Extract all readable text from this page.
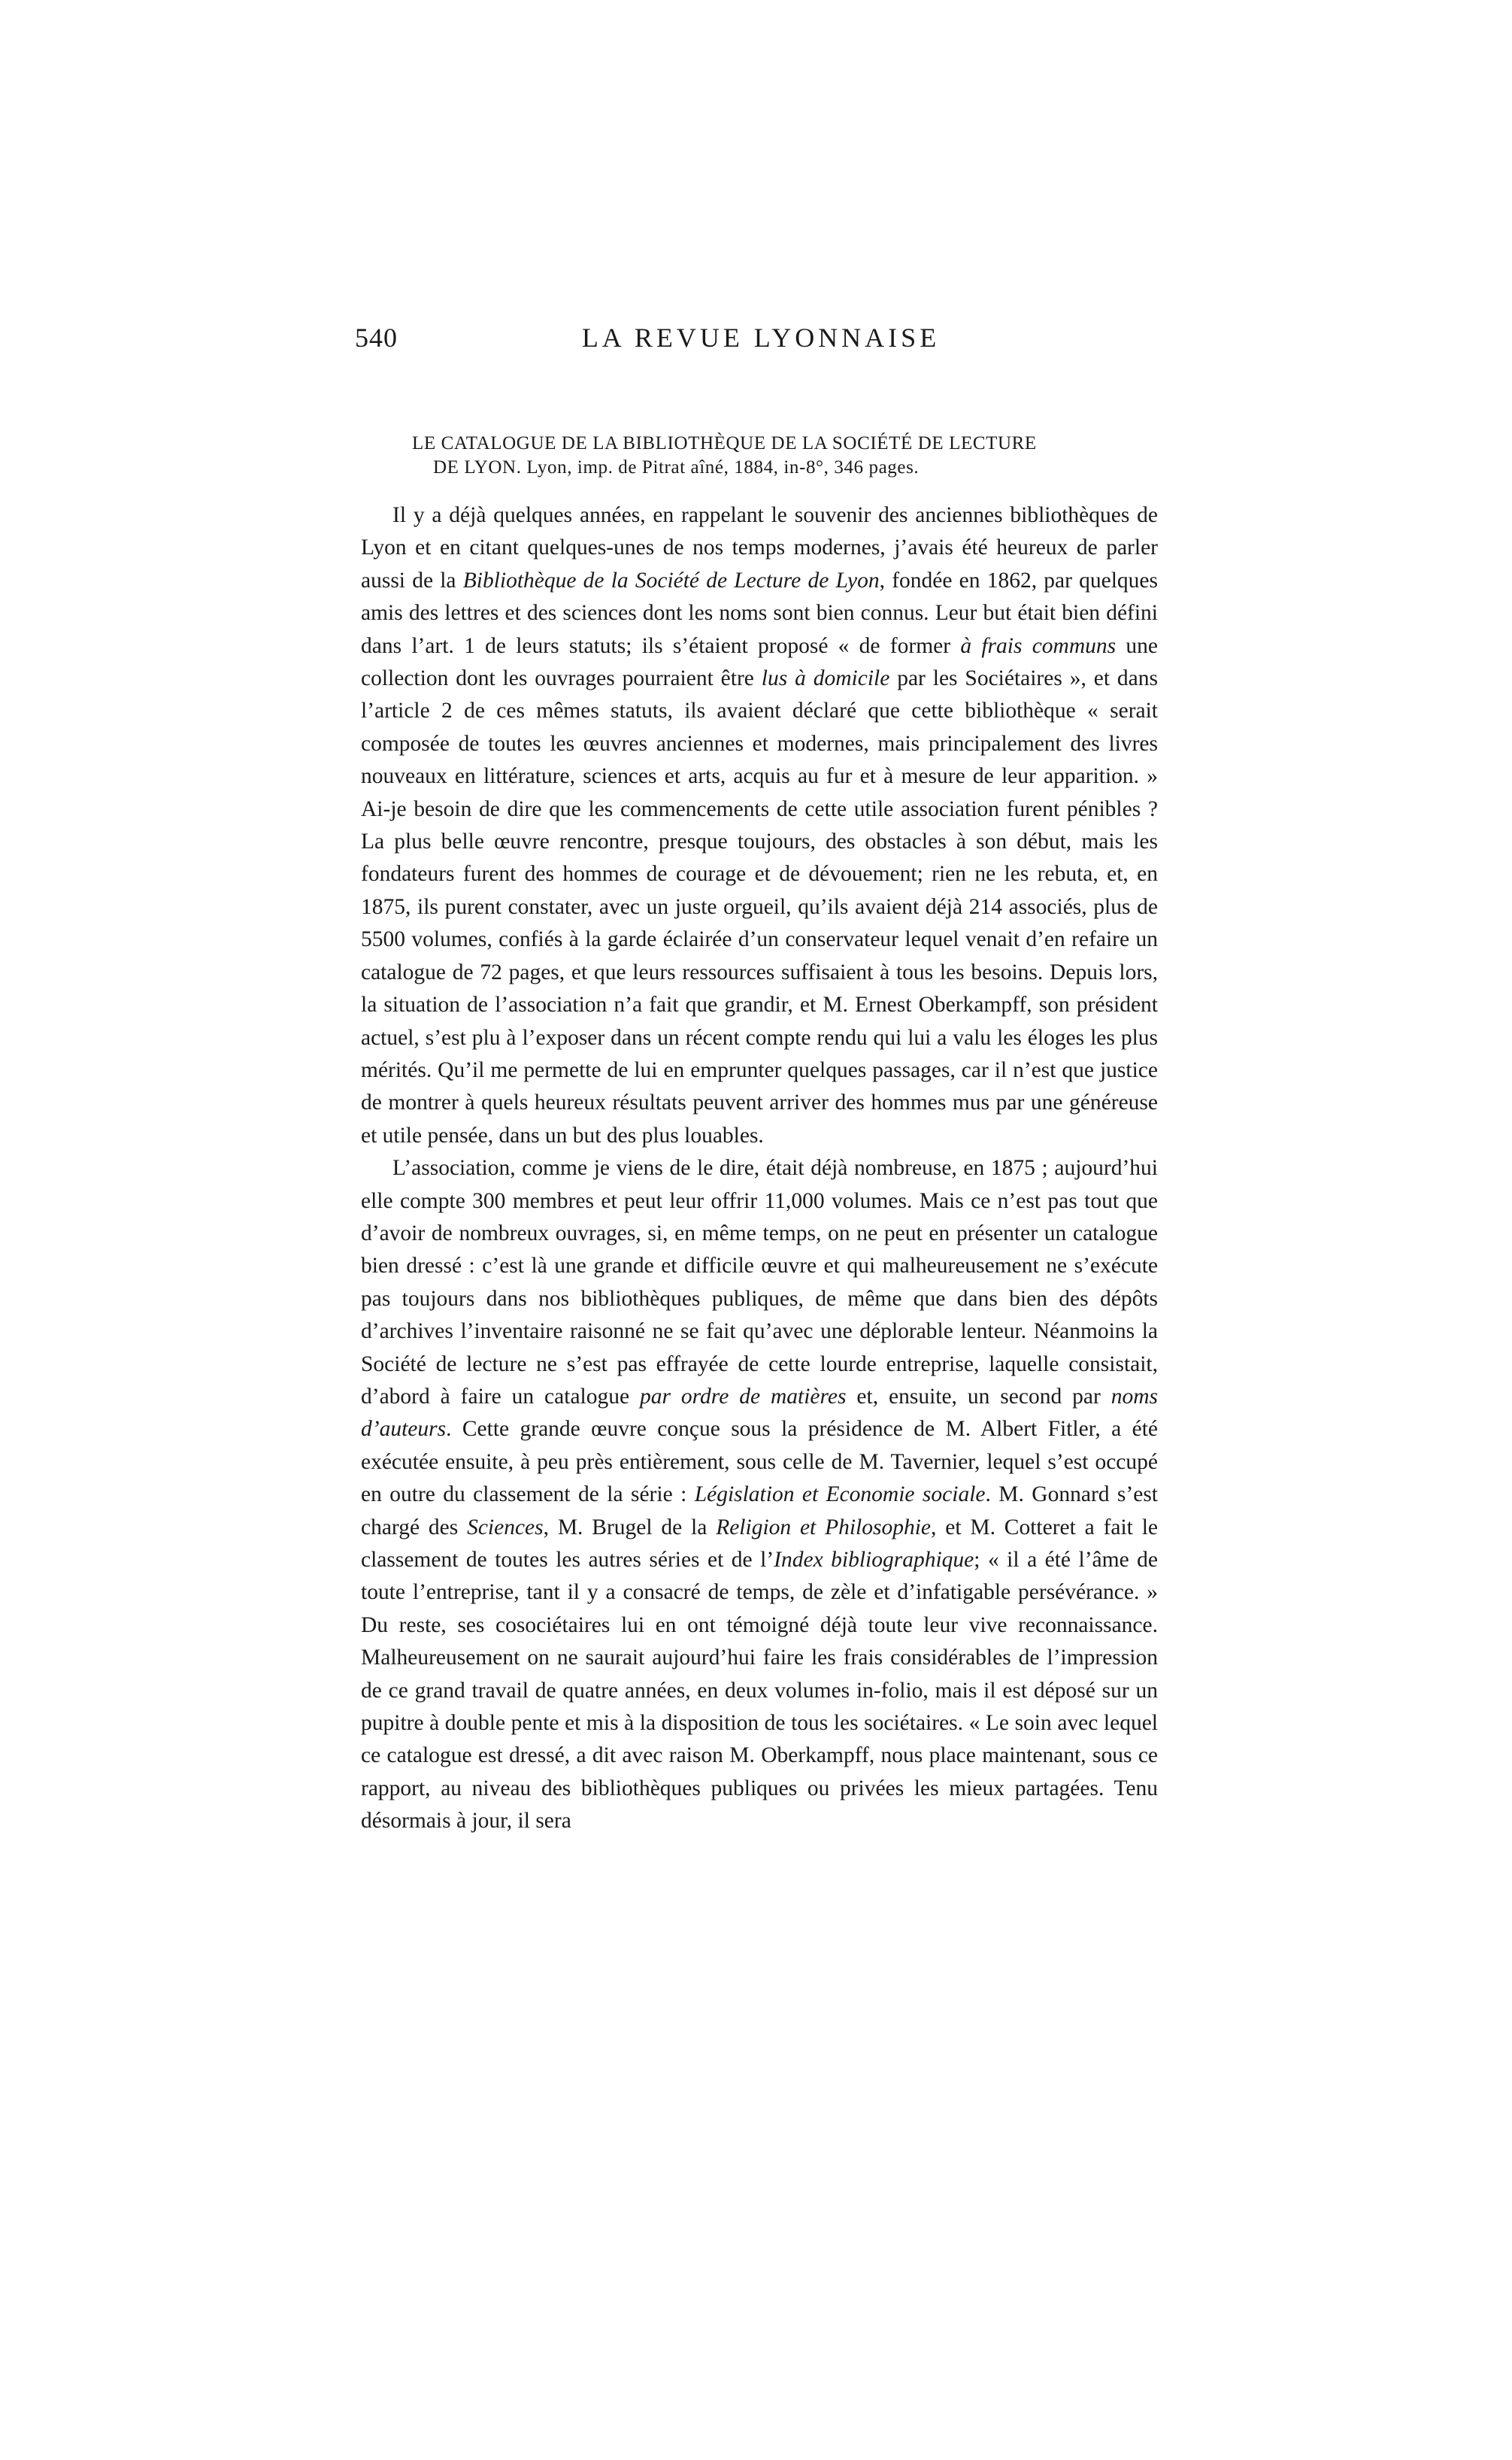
540	LA REVUE LYONNAISE
LE CATALOGUE DE LA BIBLIOTHÈQUE DE LA SOCIÉTÉ DE LECTURE
DE LYON. Lyon, imp. de Pitrat aîné, 1884, in-8°, 346 pages.

Il y a déjà quelques années, en rappelant le souvenir des anciennes bibliothèques de Lyon et en citant quelques-unes de nos temps modernes, j’avais été heureux de parler aussi de la Bibliothèque de la Société de Lecture de Lyon, fondée en 1862, par quelques amis des lettres et des sciences dont les noms sont bien connus. Leur but était bien défini dans l’art. 1 de leurs statuts; ils s’étaient proposé « de former à frais communs une collection dont les ouvrages pourraient être lus à domicile par les Sociétaires », et dans l’article 2 de ces mêmes statuts, ils avaient déclaré que cette bibliothèque « serait composée de toutes les œuvres anciennes et modernes, mais principalement des livres nouveaux en littérature, sciences et arts, acquis au fur et à mesure de leur apparition. » Ai-je besoin de dire que les commencements de cette utile association furent pénibles ? La plus belle œuvre rencontre, presque toujours, des obstacles à son début, mais les fondateurs furent des hommes de courage et de dévouement; rien ne les rebuta, et, en 1875, ils purent constater, avec un juste orgueil, qu’ils avaient déjà 214 associés, plus de 5500 volumes, confiés à la garde éclairée d’un conservateur lequel venait d’en refaire un catalogue de 72 pages, et que leurs ressources suffisaient à tous les besoins. Depuis lors, la situation de l’association n’a fait que grandir, et M. Ernest Oberkampff, son président actuel, s’est plu à l’exposer dans un récent compte rendu qui lui a valu les éloges les plus mérités. Qu’il me permette de lui en emprunter quelques passages, car il n’est que justice de montrer à quels heureux résultats peuvent arriver des hommes mus par une généreuse et utile pensée, dans un but des plus louables.

L’association, comme je viens de le dire, était déjà nombreuse, en 1875 ; aujourd’hui elle compte 300 membres et peut leur offrir 11,000 volumes. Mais ce n’est pas tout que d’avoir de nombreux ouvrages, si, en même temps, on ne peut en présenter un catalogue bien dressé : c’est là une grande et difficile œuvre et qui malheureusement ne s’exécute pas toujours dans nos bibliothèques publiques, de même que dans bien des dépôts d’archives l’inventaire raisonné ne se fait qu’avec une déplorable lenteur. Néanmoins la Société de lecture ne s’est pas effrayée de cette lourde entreprise, laquelle consistait, d’abord à faire un catalogue par ordre de matières et, ensuite, un second par noms d’auteurs. Cette grande œuvre conçue sous la présidence de M. Albert Fitler, a été exécutée ensuite, à peu près entièrement, sous celle de M. Tavernier, lequel s’est occupé en outre du classement de la série : Législation et Economie sociale. M. Gonnard s’est chargé des Sciences, M. Brugel de la Religion et Philosophie, et M. Cotteret a fait le classement de toutes les autres séries et de l’Index bibliographique; « il a été l’âme de toute l’entreprise, tant il y a consacré de temps, de zèle et d’infatigable persévérance. » Du reste, ses cosociétaires lui en ont témoigné déjà toute leur vive reconnaissance. Malheureusement on ne saurait aujourd’hui faire les frais considérables de l’impression de ce grand travail de quatre années, en deux volumes in-folio, mais il est déposé sur un pupitre à double pente et mis à la disposition de tous les sociétaires. « Le soin avec lequel ce catalogue est dressé, a dit avec raison M. Oberkampff, nous place maintenant, sous ce rapport, au niveau des bibliothèques publiques ou privées les mieux partagées. Tenu désormais à jour, il sera
